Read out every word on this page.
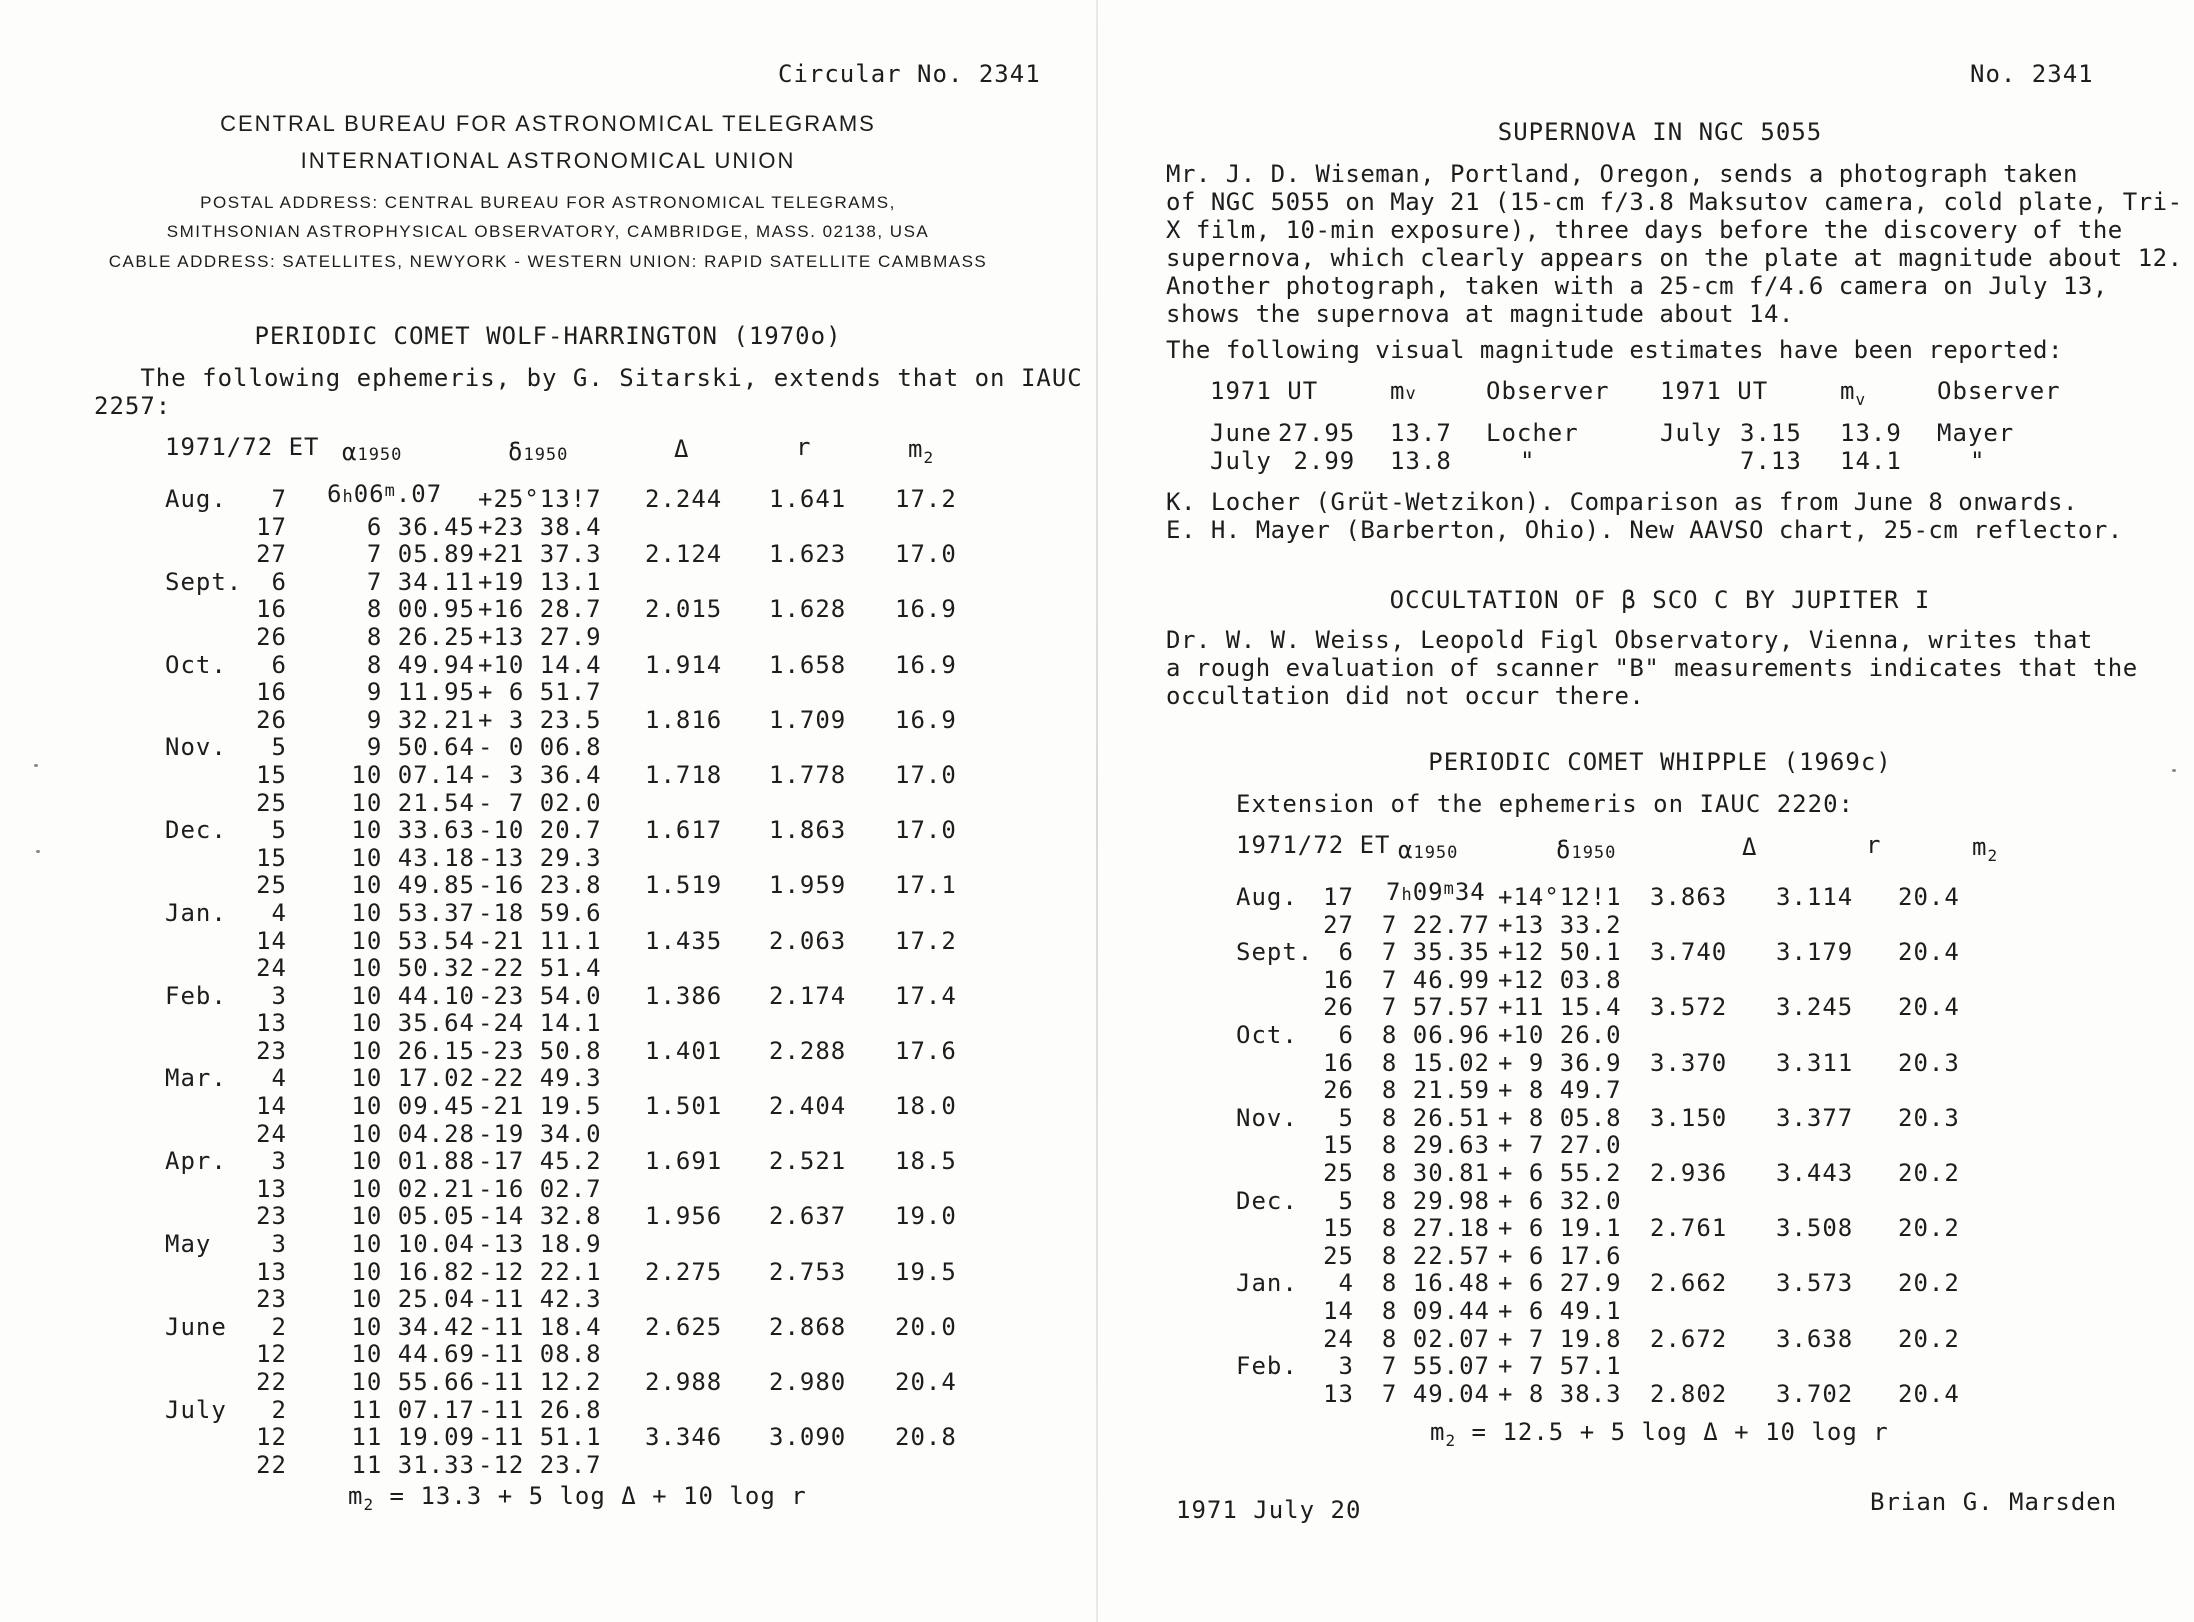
Circular No. 2341
CENTRAL BUREAU FOR ASTRONOMICAL TELEGRAMS
INTERNATIONAL ASTRONOMICAL UNION
POSTAL ADDRESS: CENTRAL BUREAU FOR ASTRONOMICAL TELEGRAMS,
SMITHSONIAN ASTROPHYSICAL OBSERVATORY, CAMBRIDGE, MASS. 02138, USA
CABLE ADDRESS: SATELLITES, NEWYORK - WESTERN UNION: RAPID SATELLITE CAMBMASS
PERIODIC COMET WOLF-HARRINGTON (1970o)
The following ephemeris, by G. Sitarski, extends that on IAUC
2257:
1971/72 ET α1950	δ1950	Δ	r	$m_2$
Aug.	7 $6h06^m.07 +25^\circ 13!7$ 2.244 1.641 17.2
17	6 36.45 +23 38.4
27	7 05.89 +21 37.3 2.124 1.623 17.0
Sept.	6	7 34.11 +19 13.1
16	8 00.95 +16 28.7 2.015 1.628 16.9
26	8 26.25 +13 27.9
Oct.	6	8 49.94 +10 14.4 1.914 1.658 16.9
16	9 11.95 + 6 51.7
26	9 32.21 + 3 23.5 1.816 1.709 16.9
Nov.	5	9 50.64 - 0 06.8
15	10 07.14 - 3 36.4 1.718 1.778 17.0
25	10 21.54 - 7 02.0
Dec.	5	10 33.63 -10 20.7 1.617 1.863 17.0
15	10 43.18 -13 29.3
25	10 49.85 -16 23.8 1.519 1.959 17.1
Jan.	4	10 53.37 -18 59.6
14	10 53.54 -21 11.1 1.435 2.063 17.2
24	10 50.32 -22 51.4
Feb.	3	10 44.10 -23 54.0 1.386 2.174 17.4
13	10 35.64 -24 14.1
23	10 26.15 -23 50.8 1.401 2.288 17.6
Mar.	4	10 17.02 -22 49.3
14	10 09.45 -21 19.5 1.501 2.404 18.0
24	10 04.28 -19 34.0
Apr.	3	10 01.88 -17 45.2 1.691 2.521 18.5
13	10 02.21 -16 02.7
23	10 05.05 -14 32.8 1.956 2.637 19.0
May	3	10 10.04 -13 18.9
13	10 16.82 -12 22.1 2.275 2.753 19.5
23	10 25.04 -11 42.3
June	2	10 34.42 -11 18.4 2.625 2.868 20.0
12	10 44.69 -11 08.8
22	10 55.66 -11 12.2 2.988 2.980 20.4
July	2	11 07.17 -11 26.8
12	11 19.09 -11 51.1 3.346 3.090 20.8
22	11 31.33 -12 23.7
$m_2 = 13.3 + 5$ log Δ + 10 log r
No. 2341
SUPERNOVA IN NGC 5055
Mr. J. D. Wiseman, Portland, Oregon, sends a photograph taken
of NGC 5055 on May 21 (15-cm f/3.8 Maksutov camera, cold plate, Tri-
X film, 10-min exposure), three days before the discovery of the
supernova, which clearly appears on the plate at magnitude about 12.
Another photograph, taken with a 25-cm f/4.6 camera on July 13,
shows the supernova at magnitude about 14.
The following visual magnitude estimates have been reported:
1971 UT	mv	Observer 1971 UT	$m_v$	Observer
June 27.95 13.7 Locher	July 3.15 13.9 Mayer
July 2.99 13.8	"	7.13 14.1	"
K. Locher (Grüt-Wetzikon). Comparison as from June 8 onwards.
E. H. Mayer (Barberton, Ohio). New AAVSO chart, 25-cm reflector.
OCCULTATION OF β SCO C BY JUPITER I
Dr. W. W. Weiss, Leopold Figl Observatory, Vienna, writes that
a rough evaluation of scanner "B" measurements indicates that the
occultation did not occur there.
PERIODIC COMET WHIPPLE (1969c)
Extension of the ephemeris on IAUC 2220:
1971/72 ET α1950	δ1950	Δ	r	$m_2$
Aug.	17 $7h09^m34 +14^\circ 12!1$ 3.863 3.114 20.4
27	7 22.77 +13 33.2
Sept.	6	7 35.35 +12 50.1 3.740 3.179 20.4
16	7 46.99 +12 03.8
26	7 57.57 +11 15.4 3.572 3.245 20.4
Oct.	6	8 06.96 +10 26.0
16	8 15.02 + 9 36.9 3.370 3.311 20.3
26	8 21.59 + 8 49.7
Nov.	5	8 26.51 + 8 05.8 3.150 3.377 20.3
15	8 29.63 + 7 27.0
25	8 30.81 + 6 55.2 2.936 3.443 20.2
Dec.	5	8 29.98 + 6 32.0
15	8 27.18 + 6 19.1 2.761 3.508 20.2
25	8 22.57 + 6 17.6
Jan.	4	8 16.48 + 6 27.9 2.662 3.573 20.2
14	8 09.44 + 6 49.1
24	8 02.07 + 7 19.8 2.672 3.638 20.2
Feb.	3	7 55.07 + 7 57.1
13	7 49.04 + 8 38.3 2.802 3.702 20.4
$m_2 = 12.5 + 5$ log Δ + 10 log r
1971 July 20	Brian G. Marsden
